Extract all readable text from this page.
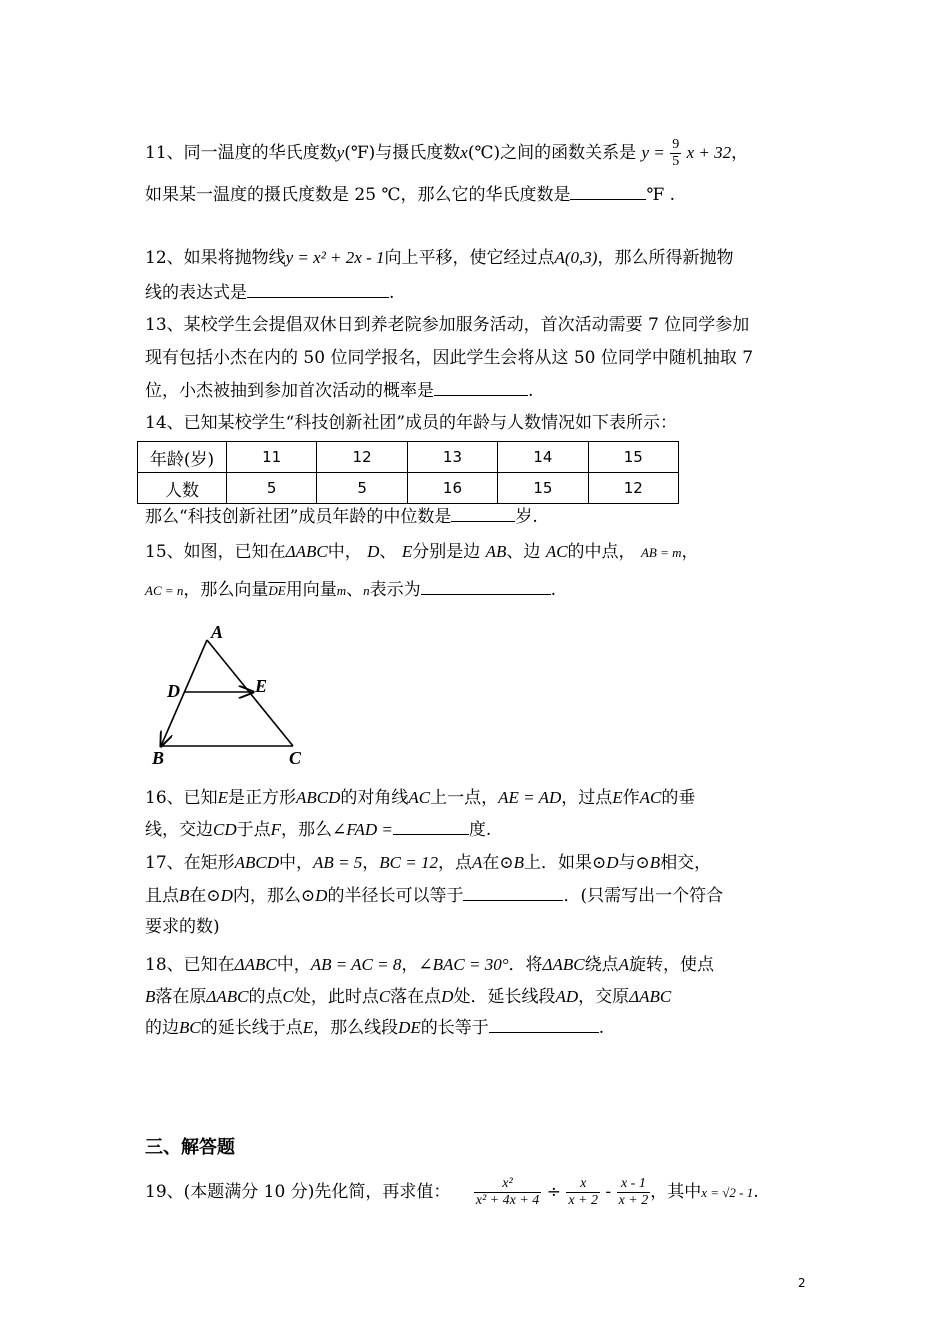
11、同一温度的华氏度数y(℉)与摄氏度数x(℃)之间的函数关系是 $y = \frac{9}{5}$ x + 32，
如果某一温度的摄氏度数是 25 ℃，那么它的华氏度数是	℉ .
12、如果将抛物线y = x² + 2x - 1向上平移，使它经过点A(0,3)，那么所得新抛物
线的表达式是	.
13、某校学生会提倡双休日到养老院参加服务活动，首次活动需要 7 位同学参加
现有包括小杰在内的 50 位同学报名，因此学生会将从这 50 位同学中随机抽取 7
位，小杰被抽到参加首次活动的概率是	.
14、已知某校学生“科技创新社团”成员的年龄与人数情况如下表所示：
年龄(岁)	11	12	13	14	15
人数	5	5	16	15	12
那么“科技创新社团”成员年龄的中位数是	岁.
15、如图，已知在ΔABC中， D、 E分别是边 AB、边 AC的中点， AB = m，
AC = n，那么向量$\overline{DE}$用向量m、n表示为	.
A
D	E
B	C
16、已知E是正方形ABCD的对角线AC上一点，AE = AD，过点E作AC的垂
线，交边CD于点F，那么∠FAD =	度.
17、在矩形ABCD中，AB = 5，BC = 12，点A在⊙B上．如果⊙D与⊙B相交，
且点B在⊙D内，那么⊙D的半径长可以等于	．(只需写出一个符合
要求的数)
18、已知在ΔABC中，AB = AC = 8，∠BAC = 30°．将ΔABC绕点A旋转，使点
B落在原ΔABC的点C处，此时点C落在点D处．延长线段AD，交原ΔABC
的边BC的延长线于点E，那么线段DE的长等于	.
三、解答题
19、(本题满分 10 分)先化简，再求值： $\frac{\text{x²}}{\text{x² + 4x + 4}} \div \frac{x}{x + 2} - \frac{x - 1}{x + 2}$ ，其中x = √2 - 1.
2
